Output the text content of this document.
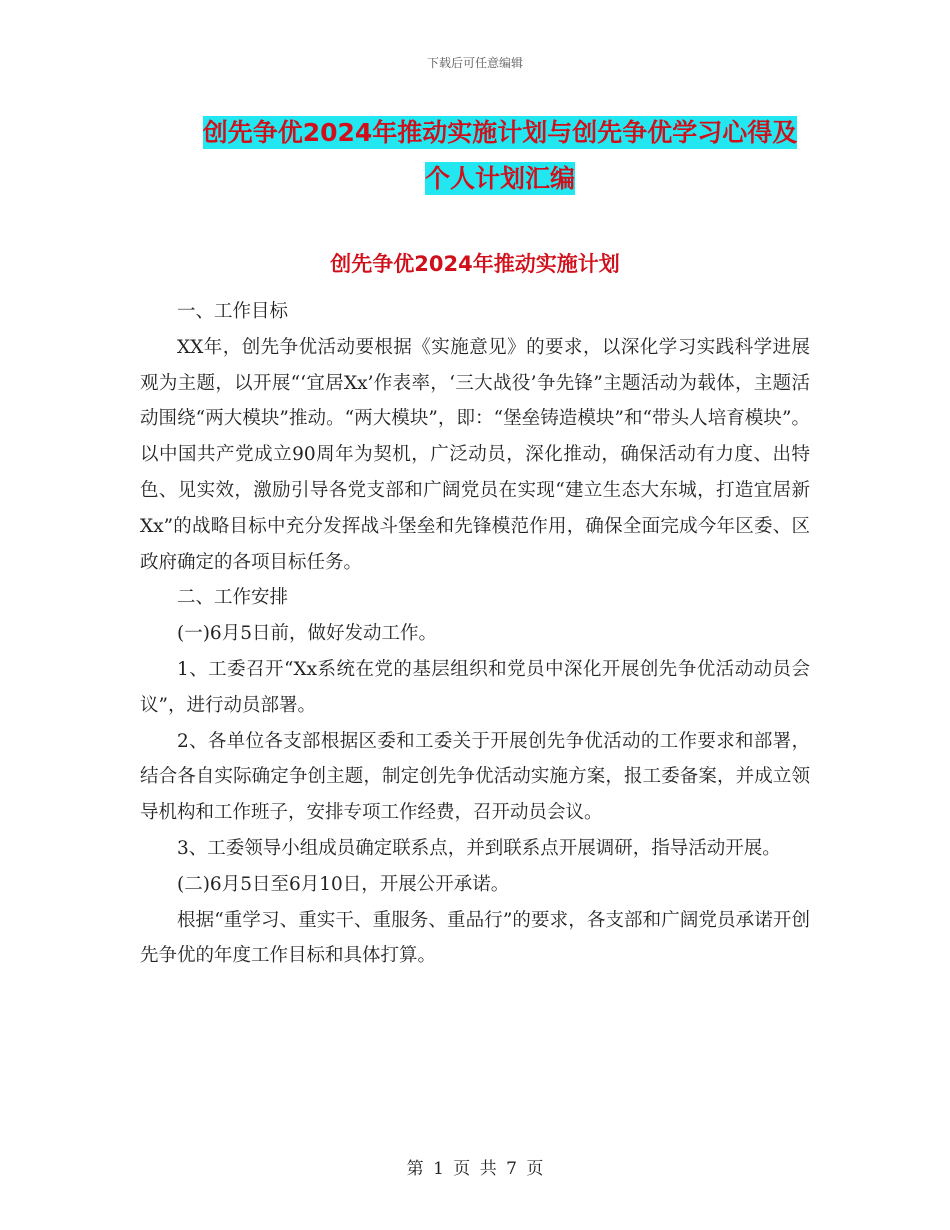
下载后可任意编辑
创先争优2024年推动实施计划与创先争优学习心得及
个人计划汇编
创先争优2024年推动实施计划

一、工作目标

XX年，创先争优活动要根据《实施意见》的要求，以深化学习实践科学进展观为主题，以开展“‘宜居Xx’作表率，‘三大战役’争先锋”主题活动为载体，主题活动围绕“两大模块”推动。“两大模块”，即：“堡垒铸造模块”和“带头人培育模块”。以中国共产党成立90周年为契机，广泛动员，深化推动，确保活动有力度、出特色、见实效，激励引导各党支部和广阔党员在实现“建立生态大东城，打造宜居新Xx”的战略目标中充分发挥战斗堡垒和先锋模范作用，确保全面完成今年区委、区政府确定的各项目标任务。

二、工作安排

(一)6月5日前，做好发动工作。

1、工委召开“Xx系统在党的基层组织和党员中深化开展创先争优活动动员会议”，进行动员部署。

2、各单位各支部根据区委和工委关于开展创先争优活动的工作要求和部署，结合各自实际确定争创主题，制定创先争优活动实施方案，报工委备案，并成立领导机构和工作班子，安排专项工作经费，召开动员会议。

3、工委领导小组成员确定联系点，并到联系点开展调研，指导活动开展。

(二)6月5日至6月10日，开展公开承诺。

根据“重学习、重实干、重服务、重品行”的要求，各支部和广阔党员承诺开创先争优的年度工作目标和具体打算。

第 1 页 共 7 页
